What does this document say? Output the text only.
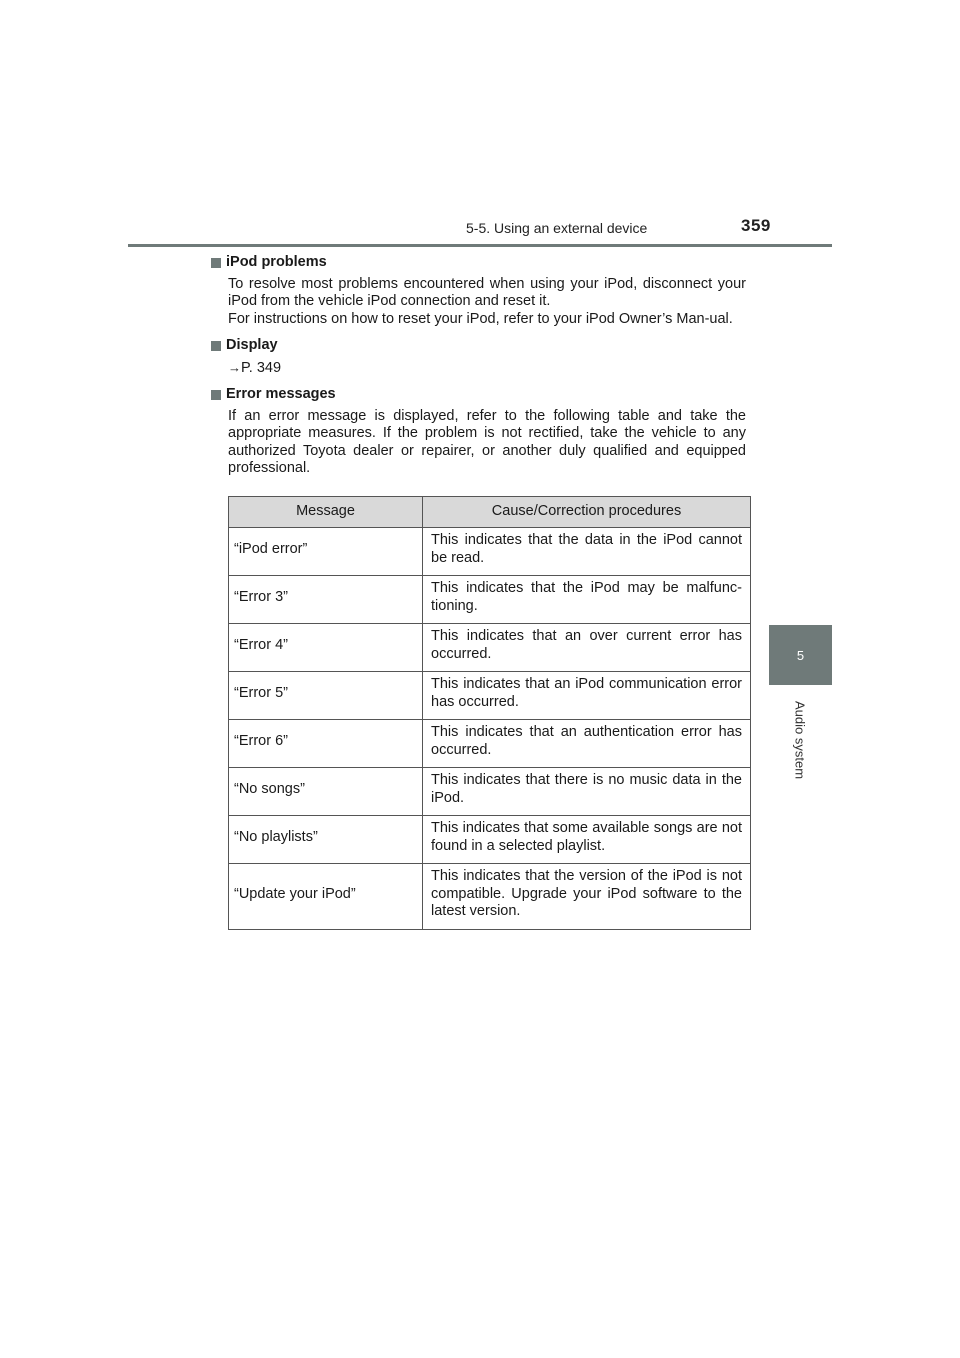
5-5. Using an external device	359
5
Audio system
iPod problems

To resolve most problems encountered when using your iPod, disconnect your iPod from the vehicle iPod connection and reset it.

For instructions on how to reset your iPod, refer to your iPod Owner’s Man-ual.

Display

→P. 349

Error messages

If an error message is displayed, refer to the following table and take the appropriate measures. If the problem is not rectified, take the vehicle to any authorized Toyota dealer or repairer, or another duly qualified and equipped professional.

Message	Cause/Correction procedures
“iPod error”	This indicates that the data in the iPod cannot be read.
“Error 3”	This indicates that the iPod may be malfunc-tioning.
“Error 4”	This indicates that an over current error has occurred.
“Error 5”	This indicates that an iPod communication error has occurred.
“Error 6”	This indicates that an authentication error has occurred.
“No songs”	This indicates that there is no music data in the iPod.
“No playlists”	This indicates that some available songs are not found in a selected playlist.
“Update your iPod”	This indicates that the version of the iPod is not compatible. Upgrade your iPod software to the latest version.
